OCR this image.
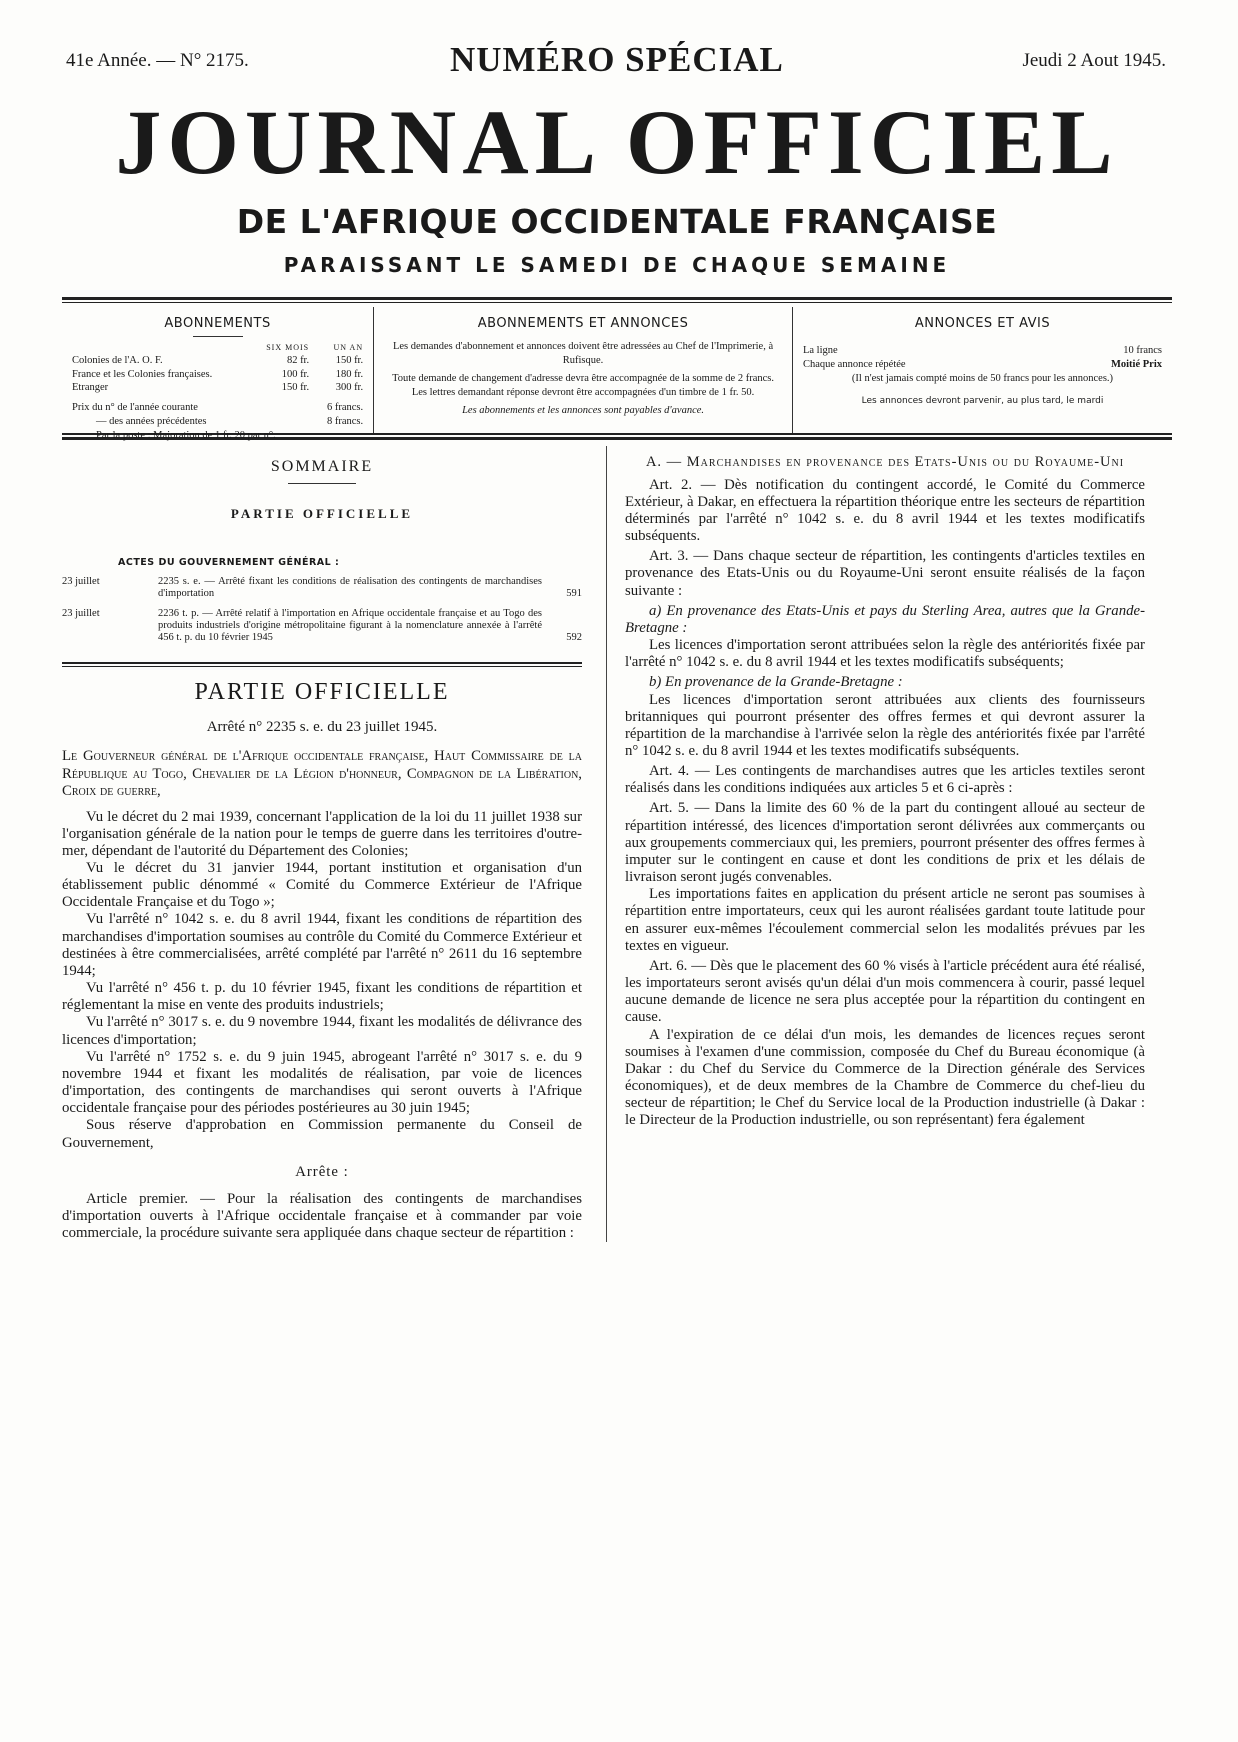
41e Année. — N° 2175.	NUMÉRO SPÉCIAL	Jeudi 2 Aout 1945.
JOURNAL OFFICIEL
DE L'AFRIQUE OCCIDENTALE FRANÇAISE
PARAISSANT LE SAMEDI DE CHAQUE SEMAINE
ABONNEMENTS
SIX MOIS	UN AN
Colonies de l'A. O. F.	82 fr.	150 fr.
France et les Colonies françaises.	100 fr.	180 fr.
Etranger	150 fr.	300 fr.
Prix du n° de l'année courante	6 francs.
— des années précédentes	8 francs.
Par la poste : Majoration de 1 fr. 20 par n°.
ABONNEMENTS ET ANNONCES

Les demandes d'abonnement et annonces doivent être adressées au Chef de l'Imprimerie, à Rufisque.

Toute demande de changement d'adresse devra être accompagnée de la somme de 2 francs. Les lettres demandant réponse devront être accompagnées d'un timbre de 1 fr. 50.

Les abonnements et les annonces sont payables d'avance.

ANNONCES ET AVIS
La ligne	10 francs
Chaque annonce répétée	Moitié Prix

(Il n'est jamais compté moins de 50 francs pour les annonces.)

Les annonces devront parvenir, au plus tard, le mardi
SOMMAIRE
PARTIE OFFICIELLE
ACTES DU GOUVERNEMENT GÉNÉRAL :
23 juillet	2235 s. e. — Arrêté fixant les conditions de réalisation des contingents de marchandises d'importation	591
23 juillet	2236 t. p. — Arrêté relatif à l'importation en Afrique occidentale française et au Togo des produits industriels d'origine métropolitaine figurant à la nomenclature annexée à l'arrêté 456 t. p. du 10 février 1945	592
PARTIE OFFICIELLE
Arrêté n° 2235 s. e. du 23 juillet 1945.

Le Gouverneur général de l'Afrique occidentale française, Haut Commissaire de la République au Togo, Chevalier de la Légion d'honneur, Compagnon de la Libération, Croix de guerre,

Vu le décret du 2 mai 1939, concernant l'application de la loi du 11 juillet 1938 sur l'organisation générale de la nation pour le temps de guerre dans les territoires d'outre-mer, dépendant de l'autorité du Département des Colonies;

Vu le décret du 31 janvier 1944, portant institution et organisation d'un établissement public dénommé « Comité du Commerce Extérieur de l'Afrique Occidentale Française et du Togo »;

Vu l'arrêté n° 1042 s. e. du 8 avril 1944, fixant les conditions de répartition des marchandises d'importation soumises au contrôle du Comité du Commerce Extérieur et destinées à être commercialisées, arrêté complété par l'arrêté n° 2611 du 16 septembre 1944;

Vu l'arrêté n° 456 t. p. du 10 février 1945, fixant les conditions de répartition et réglementant la mise en vente des produits industriels;

Vu l'arrêté n° 3017 s. e. du 9 novembre 1944, fixant les modalités de délivrance des licences d'importation;

Vu l'arrêté n° 1752 s. e. du 9 juin 1945, abrogeant l'arrêté n° 3017 s. e. du 9 novembre 1944 et fixant les modalités de réalisation, par voie de licences d'importation, des contingents de marchandises qui seront ouverts à l'Afrique occidentale française pour des périodes postérieures au 30 juin 1945;

Sous réserve d'approbation en Commission permanente du Conseil de Gouvernement,

Arrête :

Article premier. — Pour la réalisation des contingents de marchandises d'importation ouverts à l'Afrique occidentale française et à commander par voie commerciale, la procédure suivante sera appliquée dans chaque secteur de répartition :

A. — Marchandises en provenance des Etats-Unis ou du Royaume-Uni

Art. 2. — Dès notification du contingent accordé, le Comité du Commerce Extérieur, à Dakar, en effectuera la répartition théorique entre les secteurs de répartition déterminés par l'arrêté n° 1042 s. e. du 8 avril 1944 et les textes modificatifs subséquents.

Art. 3. — Dans chaque secteur de répartition, les contingents d'articles textiles en provenance des Etats-Unis ou du Royaume-Uni seront ensuite réalisés de la façon suivante :

a) En provenance des Etats-Unis et pays du Sterling Area, autres que la Grande-Bretagne :

Les licences d'importation seront attribuées selon la règle des antériorités fixée par l'arrêté n° 1042 s. e. du 8 avril 1944 et les textes modificatifs subséquents;

b) En provenance de la Grande-Bretagne :

Les licences d'importation seront attribuées aux clients des fournisseurs britanniques qui pourront présenter des offres fermes et qui devront assurer la répartition de la marchandise à l'arrivée selon la règle des antériorités fixée par l'arrêté n° 1042 s. e. du 8 avril 1944 et les textes modificatifs subséquents.

Art. 4. — Les contingents de marchandises autres que les articles textiles seront réalisés dans les conditions indiquées aux articles 5 et 6 ci-après :

Art. 5. — Dans la limite des 60 % de la part du contingent alloué au secteur de répartition intéressé, des licences d'importation seront délivrées aux commerçants ou aux groupements commerciaux qui, les premiers, pourront présenter des offres fermes à imputer sur le contingent en cause et dont les conditions de prix et les délais de livraison seront jugés convenables.

Les importations faites en application du présent article ne seront pas soumises à répartition entre importateurs, ceux qui les auront réalisées gardant toute latitude pour en assurer eux-mêmes l'écoulement commercial selon les modalités prévues par les textes en vigueur.

Art. 6. — Dès que le placement des 60 % visés à l'article précédent aura été réalisé, les importateurs seront avisés qu'un délai d'un mois commencera à courir, passé lequel aucune demande de licence ne sera plus acceptée pour la répartition du contingent en cause.

A l'expiration de ce délai d'un mois, les demandes de licences reçues seront soumises à l'examen d'une commission, composée du Chef du Bureau économique (à Dakar : du Chef du Service du Commerce de la Direction générale des Services économiques), et de deux membres de la Chambre de Commerce du chef-lieu du secteur de répartition; le Chef du Service local de la Production industrielle (à Dakar : le Directeur de la Production industrielle, ou son représentant) fera également
